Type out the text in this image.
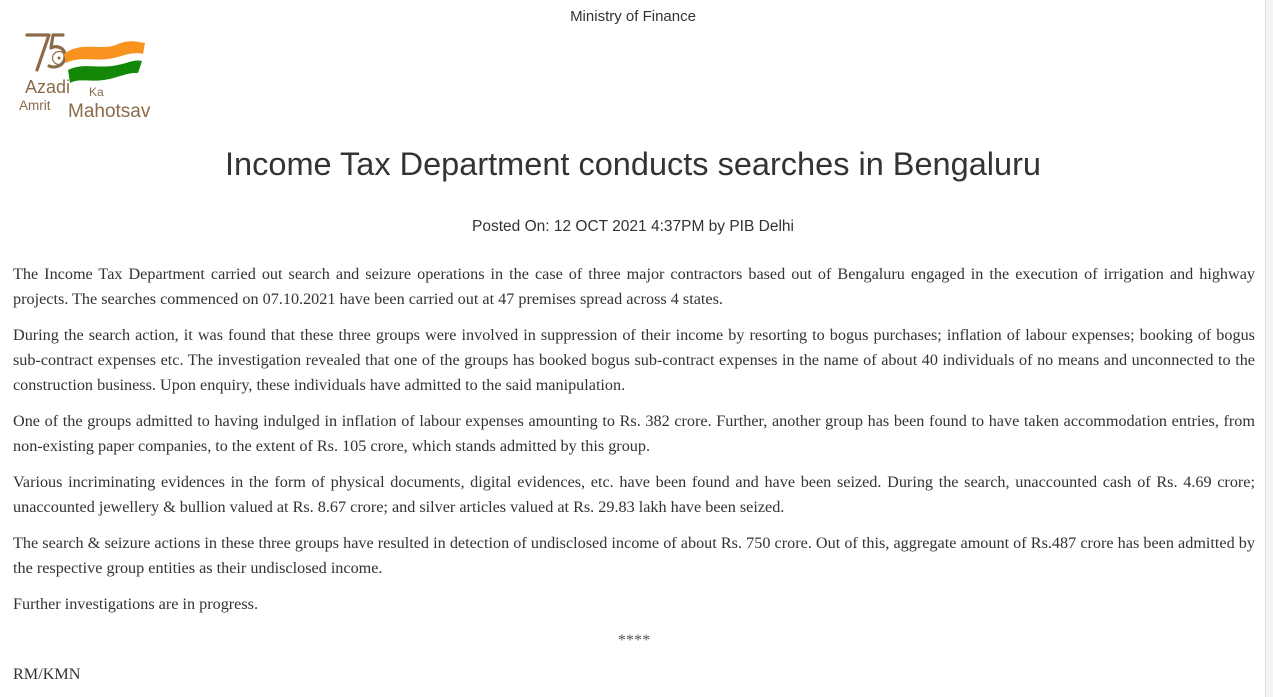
Ministry of Finance
Azadi Ka
Amrit Mahotsav
Income Tax Department conducts searches in Bengaluru
Posted On: 12 OCT 2021 4:37PM by PIB Delhi

The Income Tax Department carried out search and seizure operations in the case of three major contractors based out of Bengaluru engaged in the execution of irrigation and highway projects. The searches commenced on 07.10.2021 have been carried out at 47 premises spread across 4 states.

During the search action, it was found that these three groups were involved in suppression of their income by resorting to bogus purchases; inflation of labour expenses; booking of bogus sub-contract expenses etc. The investigation revealed that one of the groups has booked bogus sub-contract expenses in the name of about 40 individuals of no means and unconnected to the construction business. Upon enquiry, these individuals have admitted to the said manipulation.

One of the groups admitted to having indulged in inflation of labour expenses amounting to Rs. 382 crore. Further, another group has been found to have taken accommodation entries, from non-existing paper companies, to the extent of Rs. 105 crore, which stands admitted by this group.

Various incriminating evidences in the form of physical documents, digital evidences, etc. have been found and have been seized. During the search, unaccounted cash of Rs. 4.69 crore; unaccounted jewellery & bullion valued at Rs. 8.67 crore; and silver articles valued at Rs. 29.83 lakh have been seized.

The search & seizure actions in these three groups have resulted in detection of undisclosed income of about Rs. 750 crore. Out of this, aggregate amount of Rs.487 crore has been admitted by the respective group entities as their undisclosed income.

Further investigations are in progress.

****
RM/KMN
